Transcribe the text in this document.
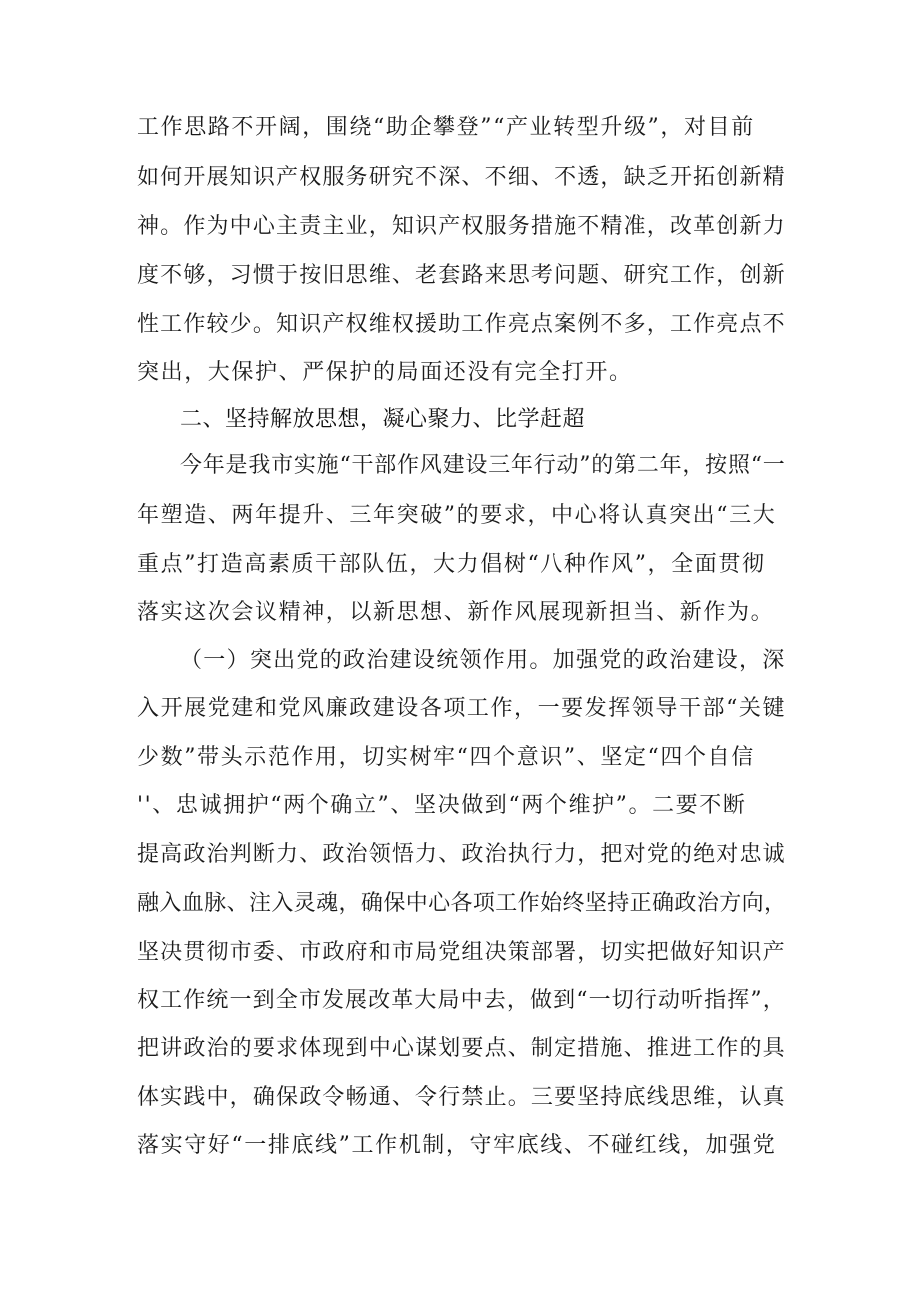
工作思路不开阔，围绕“助企攀登”“产业转型升级”，对目前
如何开展知识产权服务研究不深、不细、不透，缺乏开拓创新精
神。作为中心主责主业，知识产权服务措施不精准，改革创新力
度不够，习惯于按旧思维、老套路来思考问题、研究工作，创新
性工作较少。知识产权维权援助工作亮点案例不多，工作亮点不
突出，大保护、严保护的局面还没有完全打开。
二、坚持解放思想，凝心聚力、比学赶超
今年是我市实施“干部作风建设三年行动”的第二年，按照“一
年塑造、两年提升、三年突破”的要求，中心将认真突出“三大
重点”打造高素质干部队伍，大力倡树“八种作风”，全面贯彻
落实这次会议精神，以新思想、新作风展现新担当、新作为。
（一）突出党的政治建设统领作用。加强党的政治建设，深
入开展党建和党风廉政建设各项工作，一要发挥领导干部“关键
少数”带头示范作用，切实树牢“四个意识”、坚定“四个自信
''、忠诚拥护“两个确立”、坚决做到“两个维护”。二要不断
提高政治判断力、政治领悟力、政治执行力，把对党的绝对忠诚
融入血脉、注入灵魂，确保中心各项工作始终坚持正确政治方向，
坚决贯彻市委、市政府和市局党组决策部署，切实把做好知识产
权工作统一到全市发展改革大局中去，做到“一切行动听指挥”，
把讲政治的要求体现到中心谋划要点、制定措施、推进工作的具
体实践中，确保政令畅通、令行禁止。三要坚持底线思维，认真
落实守好“一排底线”工作机制，守牢底线、不碰红线，加强党
